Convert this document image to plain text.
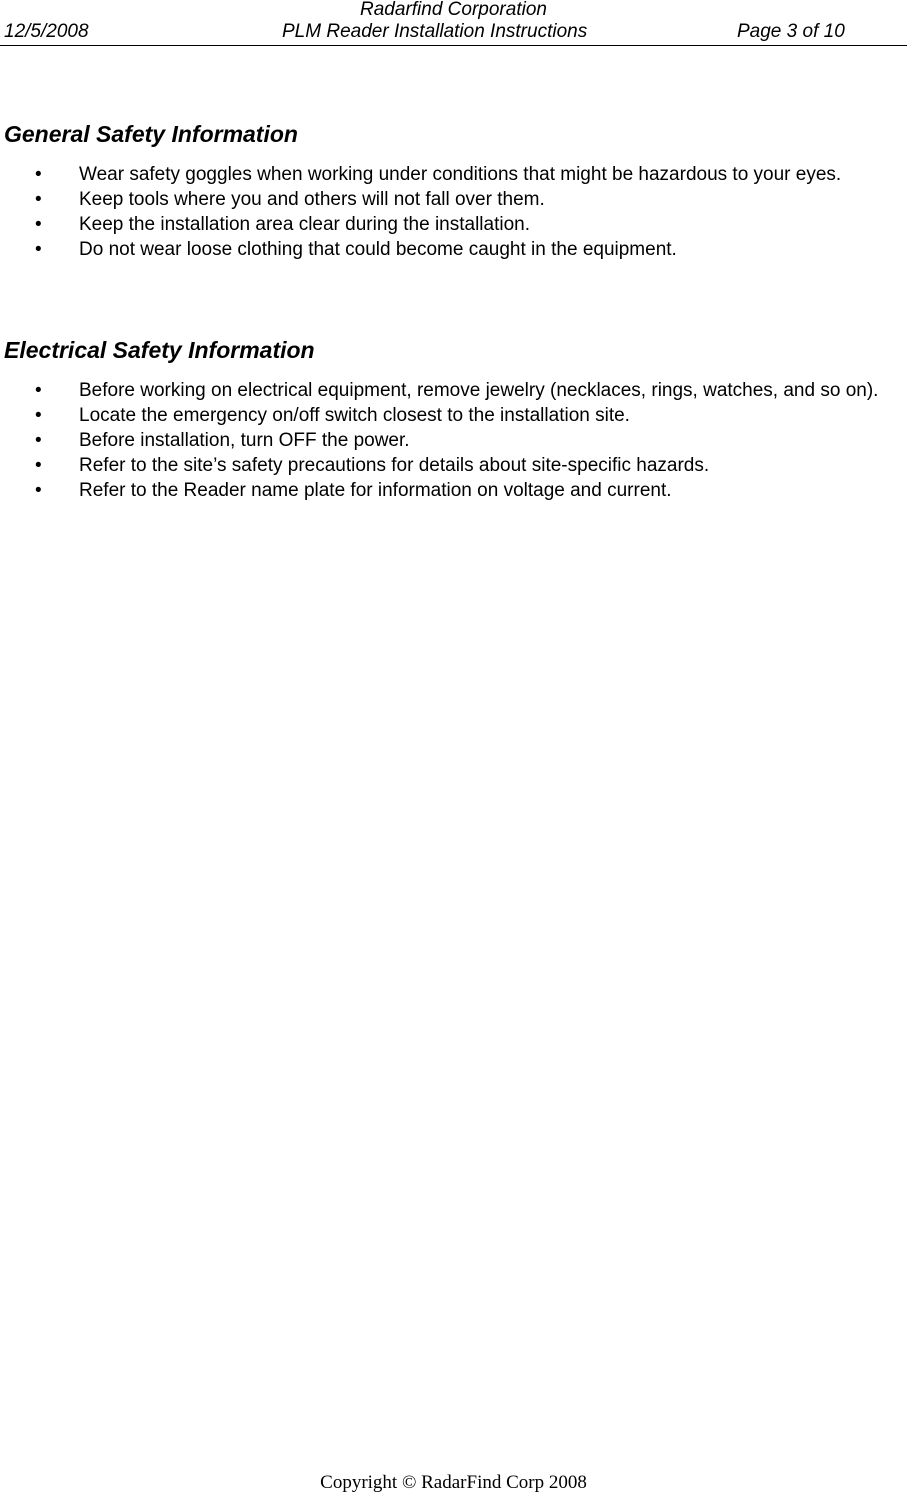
Radarfind Corporation
12/5/2008	PLM Reader Installation Instructions	Page 3 of 10
General Safety Information
• Wear safety goggles when working under conditions that might be hazardous to your eyes.
• Keep tools where you and others will not fall over them.
• Keep the installation area clear during the installation.
• Do not wear loose clothing that could become caught in the equipment.
Electrical Safety Information
• Before working on electrical equipment, remove jewelry (necklaces, rings, watches, and so on).
• Locate the emergency on/off switch closest to the installation site.
• Before installation, turn OFF the power.
• Refer to the site’s safety precautions for details about site-specific hazards.
• Refer to the Reader name plate for information on voltage and current.
Copyright © RadarFind Corp 2008
